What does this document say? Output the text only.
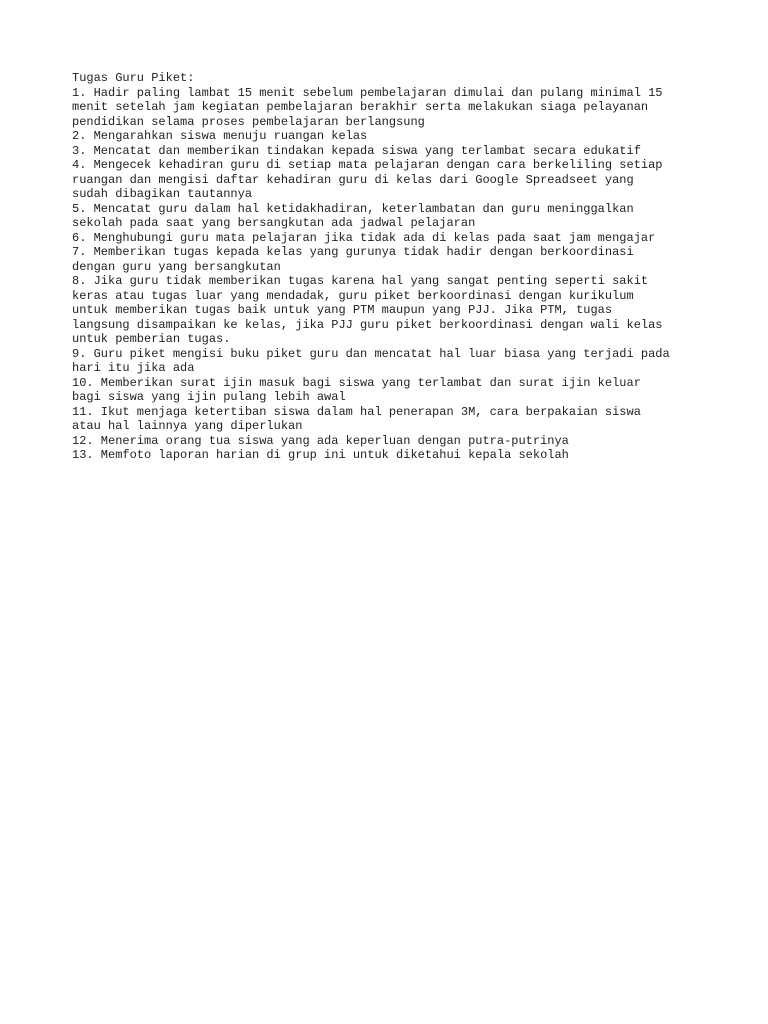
Tugas Guru Piket:
1. Hadir paling lambat 15 menit sebelum pembelajaran dimulai dan pulang minimal 15
menit setelah jam kegiatan pembelajaran berakhir serta melakukan siaga pelayanan
pendidikan selama proses pembelajaran berlangsung
2. Mengarahkan siswa menuju ruangan kelas
3. Mencatat dan memberikan tindakan kepada siswa yang terlambat secara edukatif
4. Mengecek kehadiran guru di setiap mata pelajaran dengan cara berkeliling setiap
ruangan dan mengisi daftar kehadiran guru di kelas dari Google Spreadseet yang
sudah dibagikan tautannya
5. Mencatat guru dalam hal ketidakhadiran, keterlambatan dan guru meninggalkan
sekolah pada saat yang bersangkutan ada jadwal pelajaran
6. Menghubungi guru mata pelajaran jika tidak ada di kelas pada saat jam mengajar
7. Memberikan tugas kepada kelas yang gurunya tidak hadir dengan berkoordinasi
dengan guru yang bersangkutan
8. Jika guru tidak memberikan tugas karena hal yang sangat penting seperti sakit
keras atau tugas luar yang mendadak, guru piket berkoordinasi dengan kurikulum
untuk memberikan tugas baik untuk yang PTM maupun yang PJJ. Jika PTM, tugas
langsung disampaikan ke kelas, jika PJJ guru piket berkoordinasi dengan wali kelas
untuk pemberian tugas.
9. Guru piket mengisi buku piket guru dan mencatat hal luar biasa yang terjadi pada
hari itu jika ada
10. Memberikan surat ijin masuk bagi siswa yang terlambat dan surat ijin keluar
bagi siswa yang ijin pulang lebih awal
11. Ikut menjaga ketertiban siswa dalam hal penerapan 3M, cara berpakaian siswa
atau hal lainnya yang diperlukan
12. Menerima orang tua siswa yang ada keperluan dengan putra-putrinya
13. Memfoto laporan harian di grup ini untuk diketahui kepala sekolah
